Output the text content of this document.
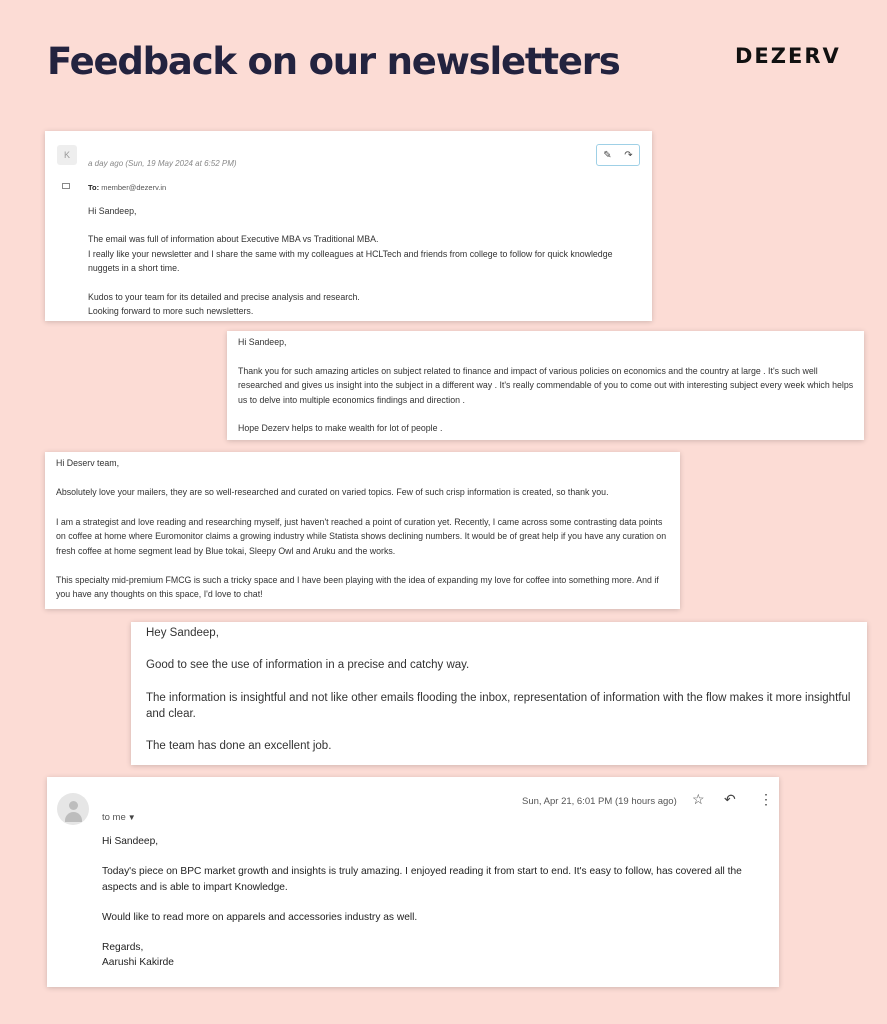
Feedback on our newsletters	DEZERV
K
a day ago (Sun, 19 May 2024 at 6:52 PM)
✎	↷
To: member@dezerv.in

Hi Sandeep,

The email was full of information about Executive MBA vs Traditional MBA.
I really like your newsletter and I share the same with my colleagues at HCLTech and friends from college to follow for quick knowledge nuggets in a short time.

Kudos to your team for its detailed and precise analysis and research.
Looking forward to more such newsletters.

Hi Sandeep,

Thank you for such amazing articles on subject related to finance and impact of various policies on economics and the country at large . It's such well researched and gives us insight into the subject in a different way . It's really commendable of you to come out with interesting subject every week which helps us to delve into multiple economics findings and direction .

Hope Dezerv helps to make wealth for lot of people .

Hi Deserv team,

Absolutely love your mailers, they are so well-researched and curated on varied topics. Few of such crisp information is created, so thank you.

I am a strategist and love reading and researching myself, just haven't reached a point of curation yet. Recently, I came across some contrasting data points on coffee at home where Euromonitor claims a growing industry while Statista shows declining numbers. It would be of great help if you have any curation on fresh coffee at home segment lead by Blue tokai, Sleepy Owl and Aruku and the works.

This specialty mid-premium FMCG is such a tricky space and I have been playing with the idea of expanding my love for coffee into something more. And if you have any thoughts on this space, I'd love to chat!

Hey Sandeep,

Good to see the use of information in a precise and catchy way.

The information is insightful and not like other emails flooding the inbox, representation of information with the flow makes it more insightful and clear.

The team has done an excellent job.

to me ▼
Sun, Apr 21, 6:01 PM (19 hours ago) ☆ ↶ ⋮

Hi Sandeep,

Today's piece on BPC market growth and insights is truly amazing. I enjoyed reading it from start to end. It's easy to follow, has covered all the aspects and is able to impart Knowledge.

Would like to read more on apparels and accessories industry as well.

Regards,
Aarushi Kakirde
